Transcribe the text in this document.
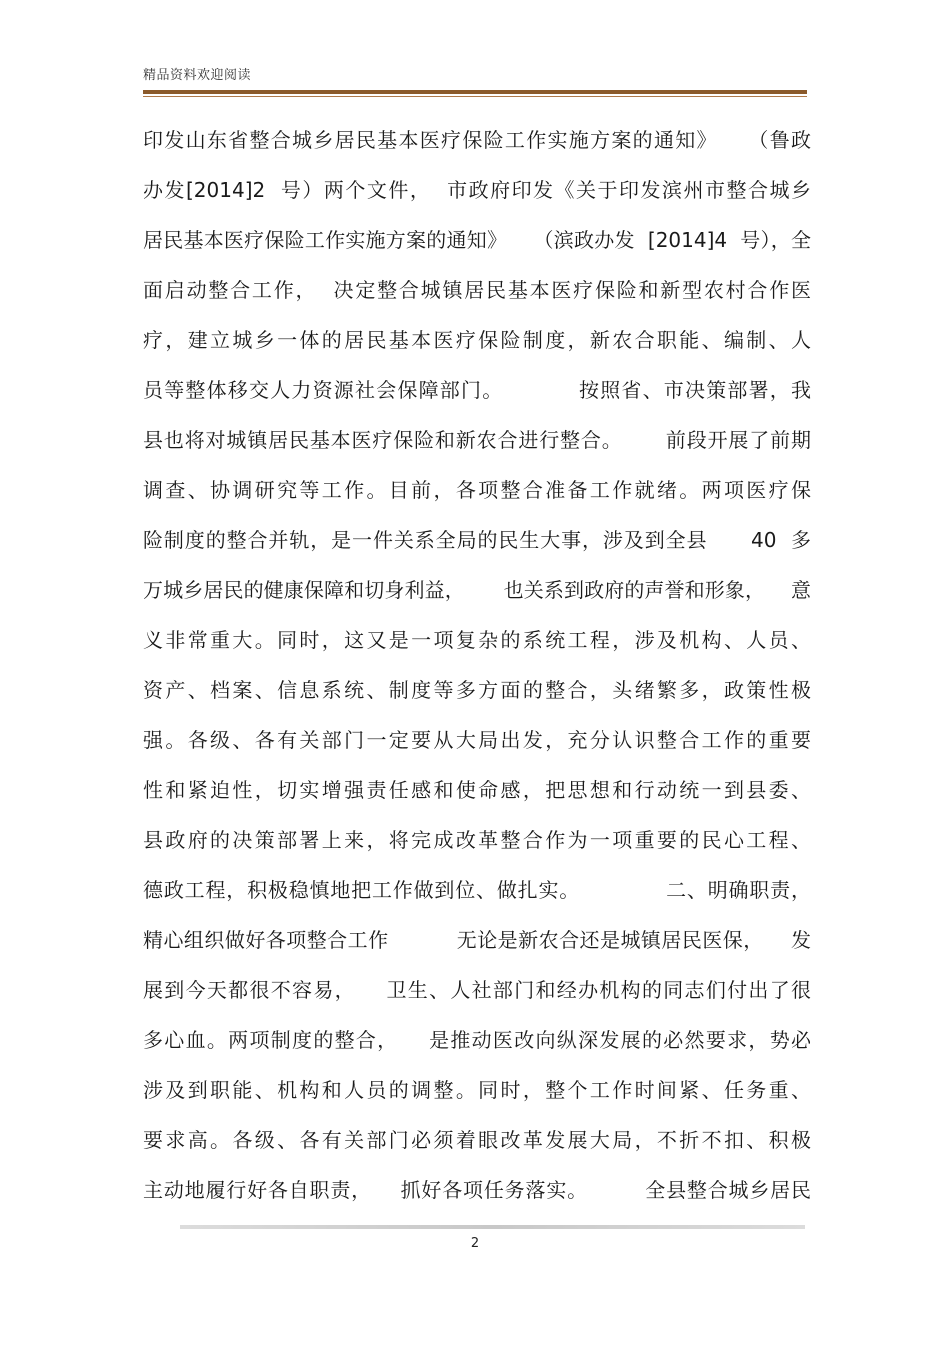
精品资料欢迎阅读
印发山东省整合城乡居民基本医疗保险工作实施方案的通知》    （鲁政
办发[2014]2  号）两个文件，  市政府印发《关于印发滨州市整合城乡
居民基本医疗保险工作实施方案的通知》    （滨政办发  [2014]4  号），全
面启动整合工作，  决定整合城镇居民基本医疗保险和新型农村合作医
疗，建立城乡一体的居民基本医疗保险制度，新农合职能、编制、人
员等整体移交人力资源社会保障部门。          按照省、市决策部署，我
县也将对城镇居民基本医疗保险和新农合进行整合。      前段开展了前期
调查、协调研究等工作。目前，各项整合准备工作就绪。两项医疗保
险制度的整合并轨，是一件关系全局的民生大事，涉及到全县      40  多
万城乡居民的健康保障和切身利益，      也关系到政府的声誉和形象，    意
义非常重大。同时，这又是一项复杂的系统工程，涉及机构、人员、
资产、档案、信息系统、制度等多方面的整合，头绪繁多，政策性极
强。各级、各有关部门一定要从大局出发，充分认识整合工作的重要
性和紧迫性，切实增强责任感和使命感，把思想和行动统一到县委、
县政府的决策部署上来，将完成改革整合作为一项重要的民心工程、
德政工程，积极稳慎地把工作做到位、做扎实。            二、明确职责，
精心组织做好各项整合工作          无论是新农合还是城镇居民医保，    发
展到今天都很不容易，    卫生、人社部门和经办机构的同志们付出了很
多心血。两项制度的整合，    是推动医改向纵深发展的必然要求，势必
涉及到职能、机构和人员的调整。同时，整个工作时间紧、任务重、
要求高。各级、各有关部门必须着眼改革发展大局，不折不扣、积极
主动地履行好各自职责，    抓好各项任务落实。        全县整合城乡居民
2
